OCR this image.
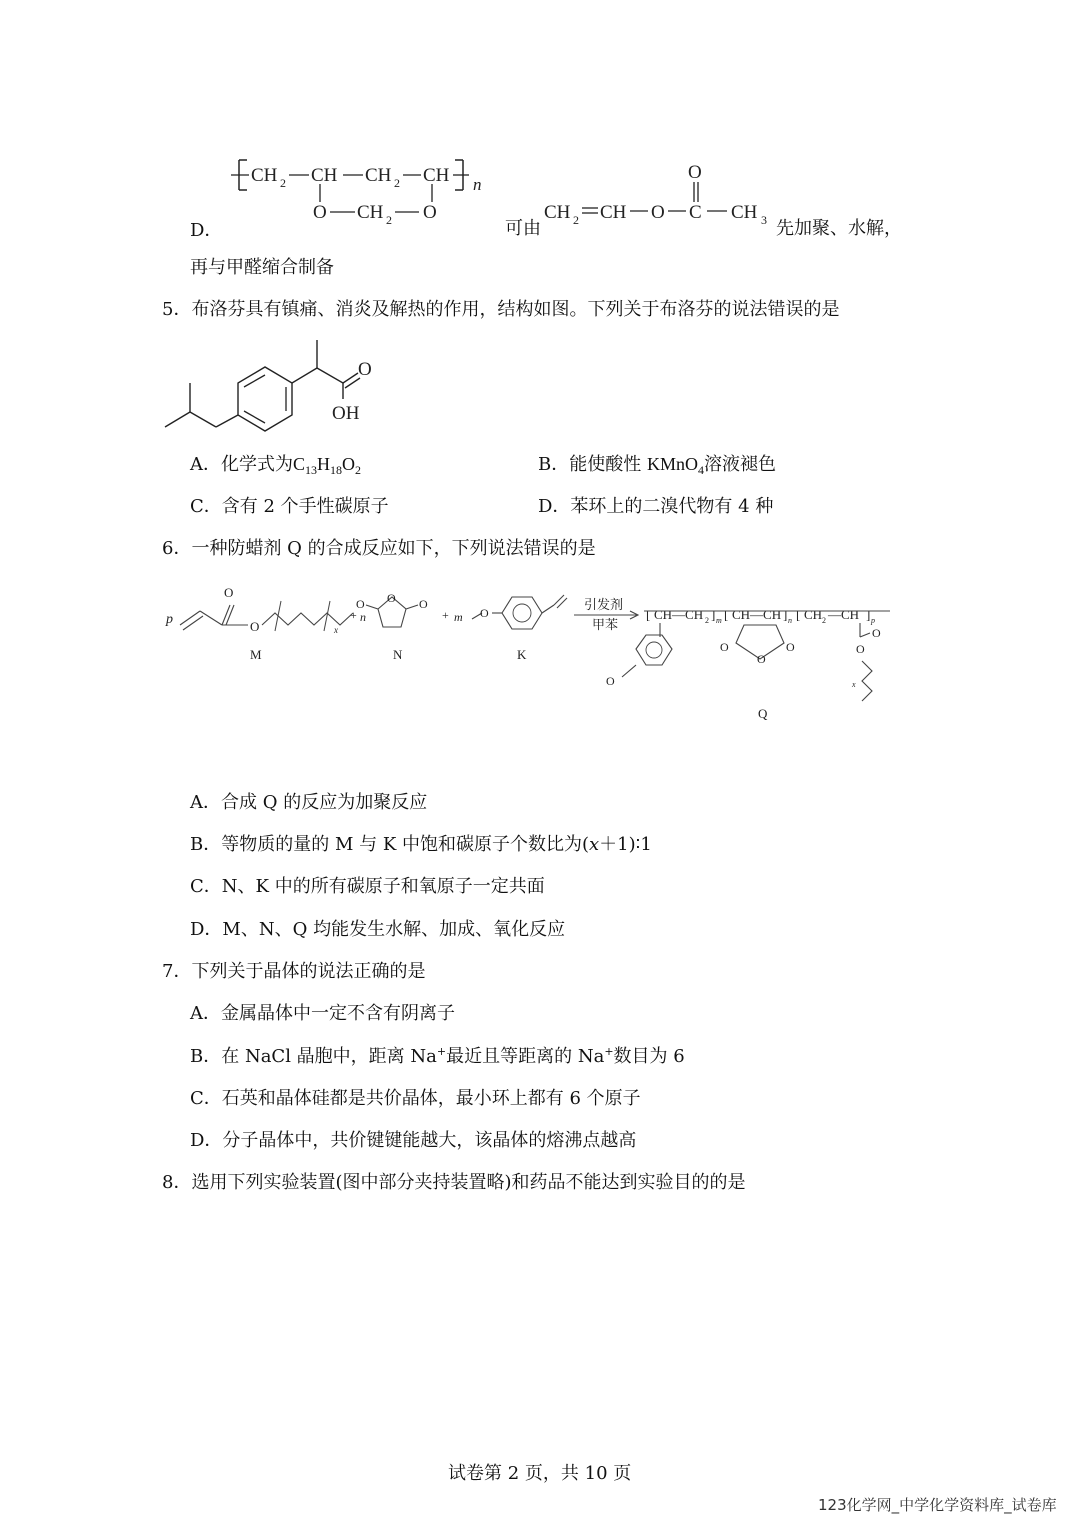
CH 2 CH CH 2 CH n
O CH 2 O
D．	可由
CH 2 CH O C
O
CH 3 先加聚、水解，
再与甲醛缩合制备
5．布洛芬具有镇痛、消炎及解热的作用，结构如图。下列关于布洛芬的说法错误的是
O
OH
A．化学式为$C_{13}H_{18}O_2$	B．能使酸性 KMnO$_4$溶液褪色
C．含有 2 个手性碳原子	D．苯环上的二溴代物有 4 种
6．一种防蜡剂 Q 的合成反应如下，下列说法错误的是
p
O
O	x
M
+ n
O
O	O
N
+ m O
K
引发剂
甲苯
[ CH—CH 2 ] m [ CH—CH ] n [ CH 2 —CH ] p
O	O
O
O
O
x
O
Q
A．合成 Q 的反应为加聚反应
B．等物质的量的 M 与 K 中饱和碳原子个数比为(x＋1)∶1
C．N、K 中的所有碳原子和氧原子一定共面
D．M、N、Q 均能发生水解、加成、氧化反应
7．下列关于晶体的说法正确的是
A．金属晶体中一定不含有阴离子
B．在 NaCl 晶胞中，距离 Na+最近且等距离的 Na+数目为 6
C．石英和晶体硅都是共价晶体，最小环上都有 6 个原子
D．分子晶体中，共价键键能越大，该晶体的熔沸点越高
8．选用下列实验装置(图中部分夹持装置略)和药品不能达到实验目的的是
试卷第 2 页，共 10 页
123化学网_中学化学资料库_试卷库
